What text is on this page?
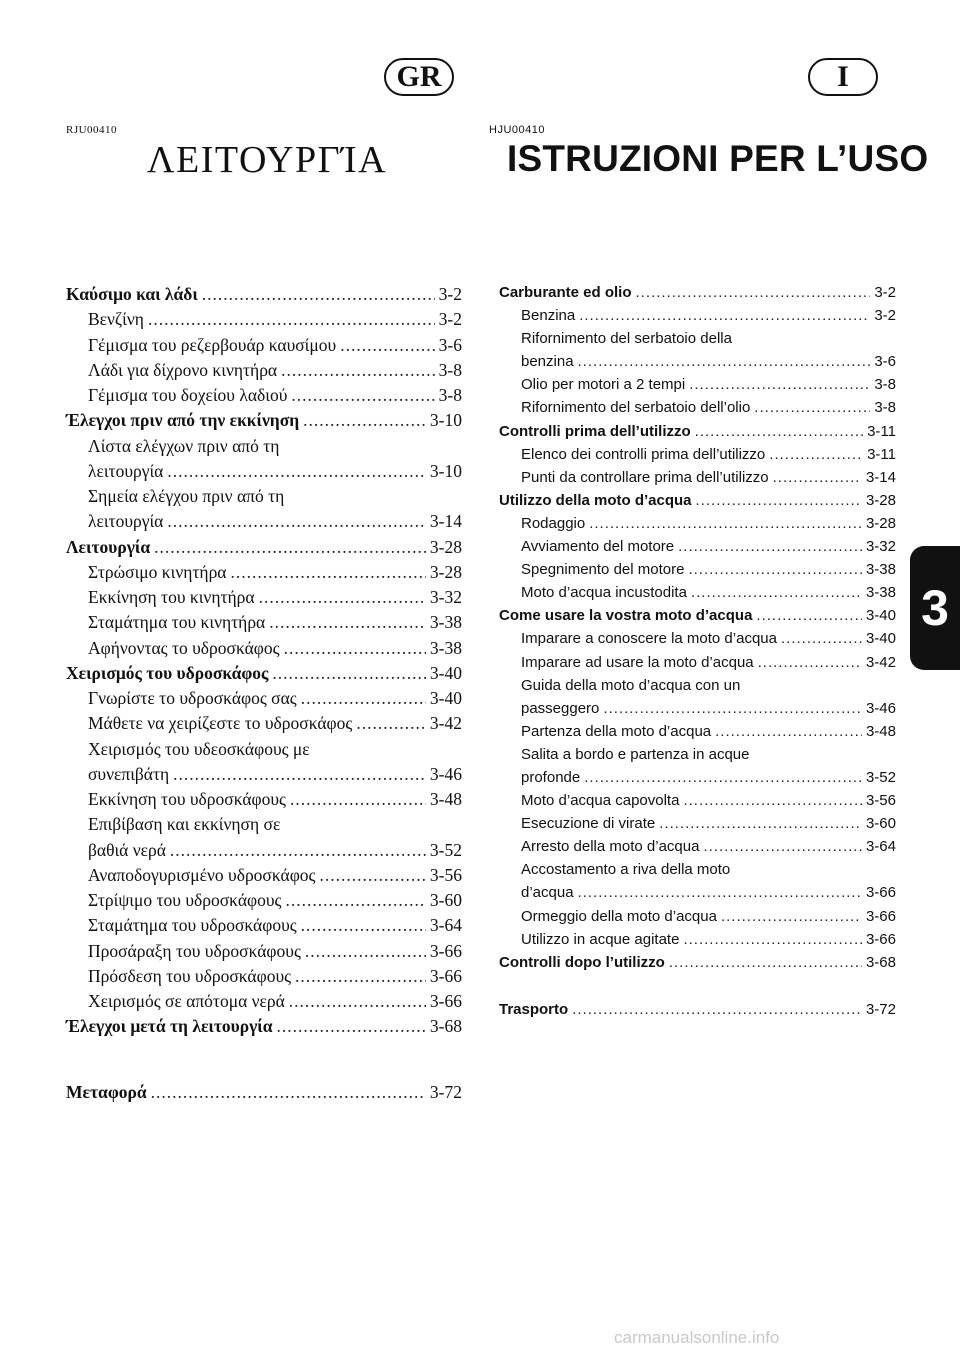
GR	I
RJU00410	HJU00410
ΛΕΙΤΟΥΡΓΊΑ	ISTRUZIONI PER L’USO
Καύσιμο και λάδι .....	3-2
Βενζίνη .....	3-2
Γέμισμα του ρεζερβουάρ καυσίμου .....	3-6
Λάδι για δίχρονο κινητήρα .....	3-8
Γέμισμα του δοχείου λαδιού .....	3-8
Έλεγχοι πριν από την εκκίνηση .....	3-10
Λίστα ελέγχων πριν από τη
λειτουργία .....	3-10
Σημεία ελέγχου πριν από τη
λειτουργία .....	3-14
Λειτουργία .....	3-28
Στρώσιμο κινητήρα .....	3-28
Εκκίνηση του κινητήρα .....	3-32
Σταμάτημα του κινητήρα .....	3-38
Αφήνοντας το υδροσκάφος .....	3-38
Χειρισμός του υδροσκάφος .....	3-40
Γνωρίστε το υδροσκάφος σας .....	3-40
Μάθετε να χειρίζεστε το υδροσκάφος .....	3-42
Χειρισμός του υδεοσκάφους με
συνεπιβάτη .....	3-46
Εκκίνηση του υδροσκάφους .....	3-48
Επιβίβαση και εκκίνηση σε
βαθιά νερά .....	3-52
Αναποδογυρισμένο υδροσκάφος .....	3-56
Στρίψιμο του υδροσκάφους .....	3-60
Σταμάτημα του υδροσκάφους .....	3-64
Προσάραξη του υδροσκάφους .....	3-66
Πρόσδεση του υδροσκάφους .....	3-66
Χειρισμός σε απότομα νερά .....	3-66
Έλεγχοι μετά τη λειτουργία .....	3-68
Μεταφορά .....	3-72
Carburante ed olio .....	3-2
Benzina .....	3-2
Rifornimento del serbatoio della
benzina .....	3-6
Olio per motori a 2 tempi .....	3-8
Rifornimento del serbatoio dell’olio .....	3-8
Controlli prima dell’utilizzo .....	3-11
Elenco dei controlli prima dell’utilizzo .....	3-11
Punti da controllare prima dell’utilizzo .....	3-14
Utilizzo della moto d’acqua .....	3-28
Rodaggio .....	3-28
Avviamento del motore .....	3-32
Spegnimento del motore .....	3-38
Moto d’acqua incustodita .....	3-38
Come usare la vostra moto d’acqua .....	3-40
Imparare a conoscere la moto d’acqua .....	3-40
Imparare ad usare la moto d’acqua .....	3-42
Guida della moto d’acqua con un
passeggero .....	3-46
Partenza della moto d’acqua .....	3-48
Salita a bordo e partenza in acque
profonde .....	3-52
Moto d’acqua capovolta .....	3-56
Esecuzione di virate .....	3-60
Arresto della moto d’acqua .....	3-64
Accostamento a riva della moto
d’acqua .....	3-66
Ormeggio della moto d’acqua .....	3-66
Utilizzo in acque agitate .....	3-66
Controlli dopo l’utilizzo .....	3-68
Trasporto .....	3-72
3
carmanualsonline.info
